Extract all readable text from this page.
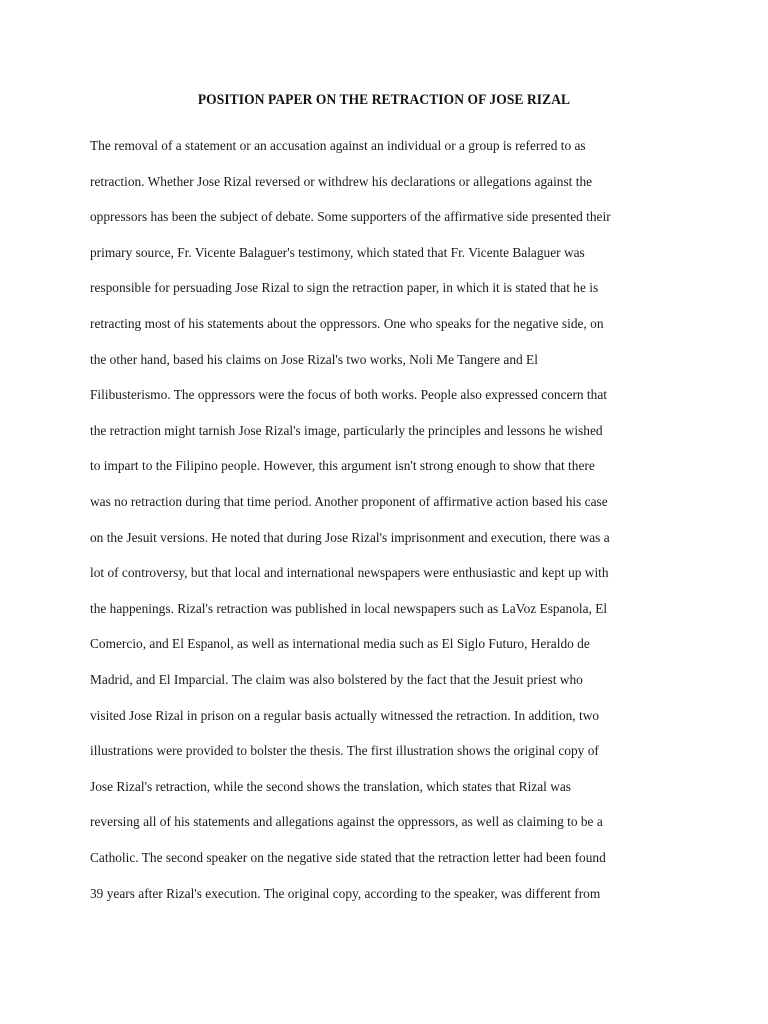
POSITION PAPER ON THE RETRACTION OF JOSE RIZAL
The removal of a statement or an accusation against an individual or a group is referred to as
retraction. Whether Jose Rizal reversed or withdrew his declarations or allegations against the
oppressors has been the subject of debate. Some supporters of the affirmative side presented their
primary source, Fr. Vicente Balaguer's testimony, which stated that Fr. Vicente Balaguer was
responsible for persuading Jose Rizal to sign the retraction paper, in which it is stated that he is
retracting most of his statements about the oppressors. One who speaks for the negative side, on
the other hand, based his claims on Jose Rizal's two works, Noli Me Tangere and El
Filibusterismo. The oppressors were the focus of both works. People also expressed concern that
the retraction might tarnish Jose Rizal's image, particularly the principles and lessons he wished
to impart to the Filipino people. However, this argument isn't strong enough to show that there
was no retraction during that time period. Another proponent of affirmative action based his case
on the Jesuit versions. He noted that during Jose Rizal's imprisonment and execution, there was a
lot of controversy, but that local and international newspapers were enthusiastic and kept up with
the happenings. Rizal's retraction was published in local newspapers such as LaVoz Espanola, El
Comercio, and El Espanol, as well as international media such as El Siglo Futuro, Heraldo de
Madrid, and El Imparcial. The claim was also bolstered by the fact that the Jesuit priest who
visited Jose Rizal in prison on a regular basis actually witnessed the retraction. In addition, two
illustrations were provided to bolster the thesis. The first illustration shows the original copy of
Jose Rizal's retraction, while the second shows the translation, which states that Rizal was
reversing all of his statements and allegations against the oppressors, as well as claiming to be a
Catholic. The second speaker on the negative side stated that the retraction letter had been found
39 years after Rizal's execution. The original copy, according to the speaker, was different from
